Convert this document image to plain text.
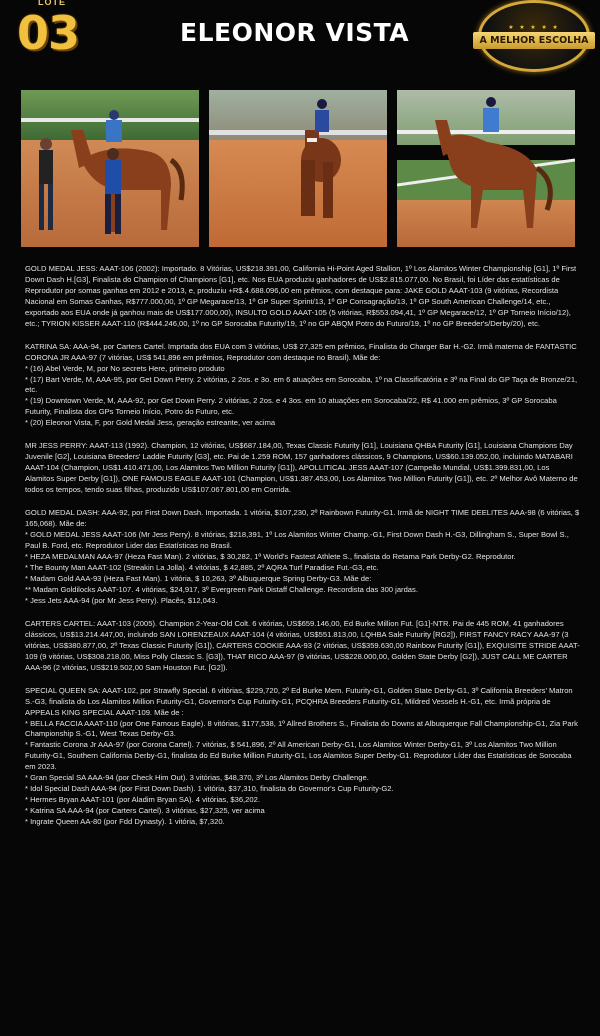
LOTE
03	ELEONOR VISTA	★ ★ ★ ★ ★
A MELHOR ESCOLHA

GOLD MEDAL JESS: AAAT-106 (2002): Importado. 8 Vitórias, US$218.391,00, California Hi-Point Aged Stallion, 1º Los Alamitos Winter Championship [G1], 1º First Down Dash H.[G3], Finalista do Champion of Champions [G1], etc. Nos EUA produziu ganhadores de US$2.815.077,00. No Brasil, foi Líder das estatísticas de Reprodutor por somas ganhas em 2012 e 2013, e, produziu +R$.4.688.096,00 em prêmios, com destaque para: JAKE GOLD AAAT-103 (9 vitórias, Recordista Nacional em Somas Ganhas, R$777.000,00, 1º GP Megarace/13, 1º GP Super Sprint/13, 1º GP Consagração/13, 1º GP South American Challenge/14, etc., exportado aos EUA onde já ganhou mais de US$177.000,00), INSULTO GOLD AAAT-105 (5 vitórias, R$553.094,41, 1º GP Megarace/12, 1º GP Torneio Início/12), etc.; TYRION KISSER AAAT-110 (R$444.246,00, 1º no GP Sorocaba Futurity/19, 1º no GP ABQM Potro do Futuro/19, 1º no GP Breeder's/Derby/20), etc.

KATRINA SA: AAA-94, por Carters Cartel. Imprtada dos EUA com 3 vitórias, US$ 27,325 em prêmios, Finalista do Charger Bar H.-G2. Irmã materna de FANTASTIC CORONA JR AAA-97 (7 vitórias, US$ 541,896 em prêmios, Reprodutor com destaque no Brasil). Mãe de:

* (16) Abel Verde, M, por No secrets Here, primeiro produto

* (17) Bart Verde, M, AAA-95, por Get Down Perry. 2 vitórias, 2 2os. e 3o. em 6 atuações em Sorocaba, 1º na Classificatória e 3º na Final do GP Taça de Bronze/21, etc.

* (19) Downtown Verde, M, AAA-92, por Get Down Perry. 2 vitórias, 2 2os. e 4 3os. em 10 atuações em Sorocaba/22, R$ 41.000 em prêmios, 3º GP Sorocaba Futurity, Finalista dos GPs Torneio Início, Potro do Futuro, etc.

* (20) Eleonor Vista, F, por Gold Medal Jess, geração estreante, ver acima

MR JESS PERRY: AAAT-113 (1992). Champion, 12 vitórias, US$687.184,00, Texas Classic Futurity [G1], Louisiana QHBA Futurity [G1], Louisiana Champions Day Juvenile [G2], Louisiana Breeders' Laddie Futurity [G3], etc. Pai de 1.259 ROM, 157 ganhadores clássicos, 9 Champions, US$60.139.052,00, incluindo MATABARI AAAT-104 (Champion, US$1.410.471,00, Los Alamitos Two Million Futurity [G1]), APOLLITICAL JESS AAAT-107 (Campeão Mundial, US$1.399.831,00, Los Alamitos Super Derby [G1]), ONE FAMOUS EAGLE AAAT-101 (Champion, US$1.387.453,00, Los Alamitos Two Million Futurity [G1]), etc. 2º Melhor Avô Materno de todos os tempos, tendo suas filhas, produzido US$107.067.801,00 em Corrida.

GOLD MEDAL DASH: AAA-92, por First Down Dash. Importada. 1 vitória, $107,230, 2º Rainbown Futurity-G1. Irmã de NIGHT TIME DEELITES AAA-98 (6 vitórias, $ 165,068). Mãe de:

* GOLD MEDAL JESS AAAT-106 (Mr Jess Perry). 8 vitórias, $218,391, 1º Los Alamitos Winter Champ.-G1, First Down Dash H.-G3, Dillingham S., Super Bowl S., Paul B. Ford, etc. Reprodutor Lider das Estatísticas no Brasil.

* HEZA MEDALMAN AAA-97 (Heza Fast Man). 2 vitórias, $ 30,282, 1º World's Fastest Athlete S., finalista do Retama Park Derby-G2. Reprodutor.

* The Bounty Man AAAT-102 (Streakin La Jolla). 4 vitórias, $ 42,885, 2º AQRA Turf Paradise Fut.-G3, etc.

* Madam Gold AAA-93 (Heza Fast Man). 1 vitória, $ 10,263, 3º Albuquerque Spring Derby-G3. Mãe de:

** Madam Goldilocks AAAT-107. 4 vitórias, $24,917, 3º Evergreen Park Distaff Challenge. Recordista das 300 jardas.

* Jess Jets AAA-94 (por Mr Jess Perry). Placês, $12,043.

CARTERS CARTEL: AAAT-103 (2005). Champion 2-Year-Old Colt. 6 vitórias, US$659.146,00, Ed Burke Million Fut. [G1]-NTR. Pai de 445 ROM, 41 ganhadores clássicos, US$13.214.447,00, incluindo SAN LORENZEAUX AAAT-104 (4 vitórias, US$551.813,00, LQHBA Sale Futurity [RG2]), FIRST FANCY RACY AAA-97 (3 vitórias, US$380.877,00, 2º Texas Classic Futurity [G1]), CARTERS COOKIE AAA-93 (2 vitórias, US$359.630,00 Rainbow Futurity [G1]), EXQUISITE STRIDE AAAT-109 (9 vitórias, US$308.218,00, Miss Polly Classic S. [G3]), THAT RICO AAA-97 (9 vitórias, US$228.000,00, Golden State Derby [G2]), JUST CALL ME CARTER AAA-96 (2 vitórias, US$219.502,00 Sam Houston Fut. [G2]).

SPECIAL QUEEN SA: AAAT-102, por Strawfly Special. 6 vitórias, $229,720, 2º Ed Burke Mem. Futurity-G1, Golden State Derby-G1, 3º California Breeders' Matron S.-G3, finalista do Los Alamitos Million Futurity-G1, Governor's Cup Futurity-G1, PCQHRA Breeders Futurity-G1, Mildred Vessels H.-G1, etc. Irmã própria de APPEALS KING SPECIAL AAAT-109. Mãe de :

* BELLA FACCIA AAAT-110 (por One Famous Eagle). 8 vitórias, $177,538, 1º Allred Brothers S., Finalista do Downs at Albuquerque Fall Championship-G1, Zia Park Championship S.-G1, West Texas Derby-G3.

* Fantastic Corona Jr AAA-97 (por Corona Cartel). 7 vitórias, $ 541,896, 2º All American Derby-G1, Los Alamitos Winter Derby-G1, 3º Los Alamitos Two Million Futurity-G1, Southern California Derby-G1, finalista do Ed Burke Million Futurity-G1, Los Alamitos Super Derby-G1. Reprodutor Líder das Estatísticas de Sorocaba em 2023.

* Gran Special SA AAA-94 (por Check Him Out). 3 vitórias, $48,370, 3º Los Alamitos Derby Challenge.

* Idol Special Dash AAA-94 (por First Down Dash). 1 vitória, $37,310, finalista do Governor's Cup Futurity-G2.

* Hermes Bryan AAAT-101 (por Aladim Bryan SA). 4 vitórias, $36,202.

* Katrina SA AAA-94 (por Carters Cartel). 3 vitórias, $27,325, ver acima

* Ingrate Queen AA-80 (por Fdd Dynasty). 1 vitória, $7,320.
